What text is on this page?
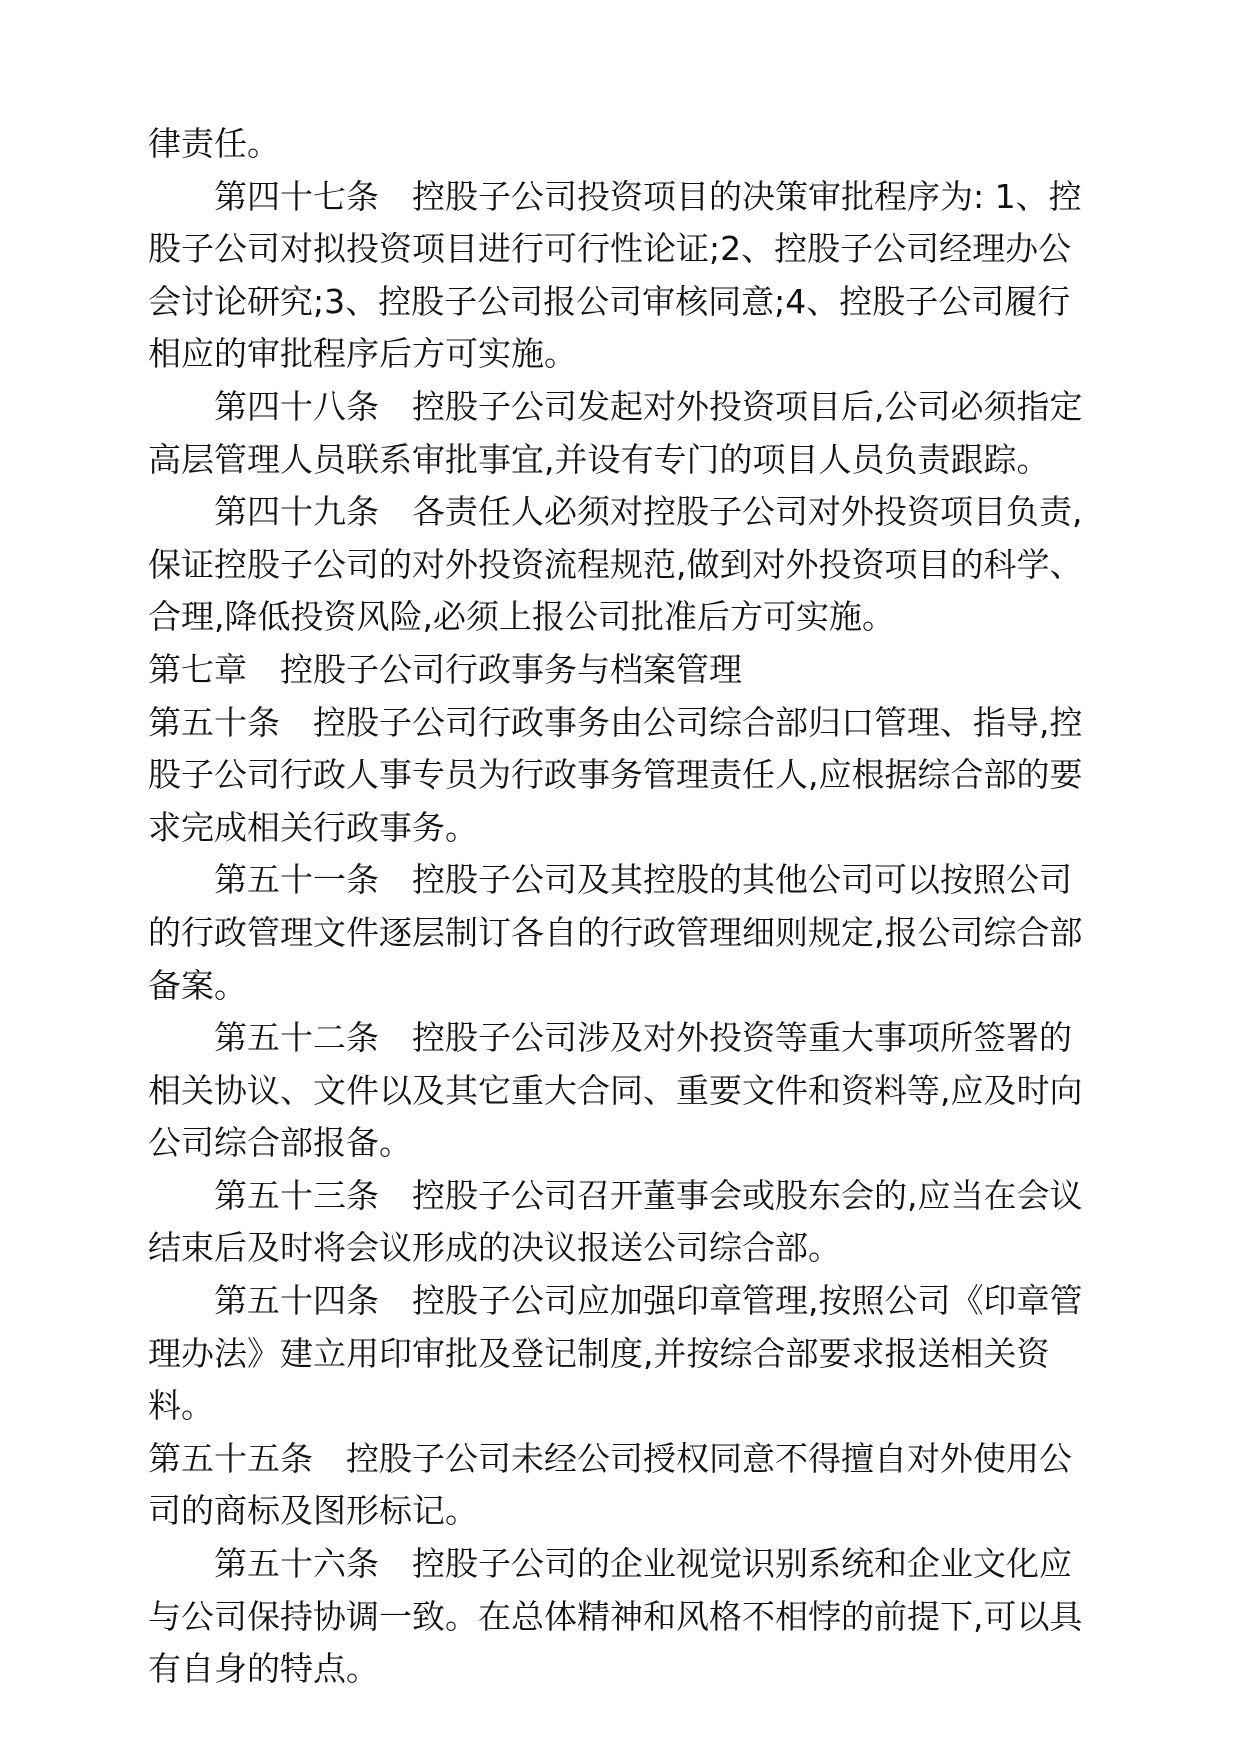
律责任。

第四十七条 控股子公司投资项目的决策审批程序为: 1、控股子公司对拟投资项目进行可行性论证;2、控股子公司经理办公会讨论研究;3、控股子公司报公司审核同意;4、控股子公司履行相应的审批程序后方可实施。

第四十八条 控股子公司发起对外投资项目后,公司必须指定高层管理人员联系审批事宜,并设有专门的项目人员负责跟踪。

第四十九条 各责任人必须对控股子公司对外投资项目负责,保证控股子公司的对外投资流程规范,做到对外投资项目的科学、合理,降低投资风险,必须上报公司批准后方可实施。

第七章 控股子公司行政事务与档案管理

第五十条 控股子公司行政事务由公司综合部归口管理、指导,控股子公司行政人事专员为行政事务管理责任人,应根据综合部的要求完成相关行政事务。

第五十一条 控股子公司及其控股的其他公司可以按照公司的行政管理文件逐层制订各自的行政管理细则规定,报公司综合部备案。

第五十二条 控股子公司涉及对外投资等重大事项所签署的相关协议、文件以及其它重大合同、重要文件和资料等,应及时向公司综合部报备。

第五十三条 控股子公司召开董事会或股东会的,应当在会议结束后及时将会议形成的决议报送公司综合部。

第五十四条 控股子公司应加强印章管理,按照公司《印章管理办法》建立用印审批及登记制度,并按综合部要求报送相关资料。

第五十五条 控股子公司未经公司授权同意不得擅自对外使用公司的商标及图形标记。

第五十六条 控股子公司的企业视觉识别系统和企业文化应与公司保持协调一致。在总体精神和风格不相悖的前提下,可以具有自身的特点。
